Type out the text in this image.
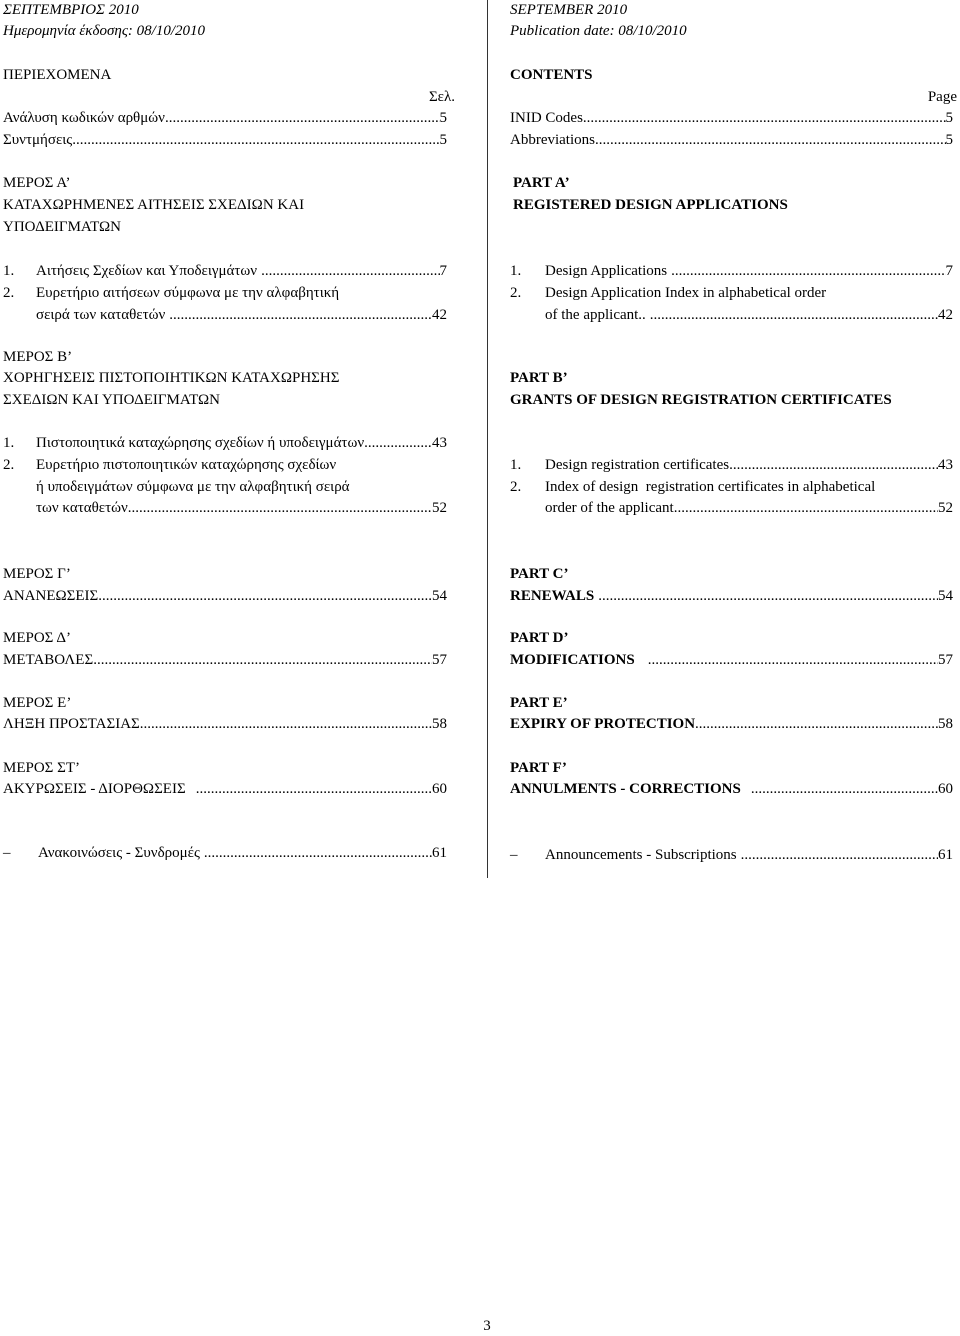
ΣΕΠΤΕΜΒΡΙΟΣ 2010
Ημερομηνία έκδοσης: 08/10/2010
ΠΕΡΙΕΧΟΜΕΝΑ
Σελ.
Ανάλυση κωδικών αρθμών .....	5
Συντμήσεις .....	5
ΜΕΡΟΣ Α’
ΚΑΤΑΧΩΡΗΜΕΝΕΣ ΑΙΤΗΣΕΙΣ ΣΧΕΔΙΩΝ ΚΑΙ
ΥΠΟΔΕΙΓΜΑΤΩΝ
1.	Αιτήσεις Σχεδίων και Υποδειγμάτων .....	7
2.	Ευρετήριο αιτήσεων σύμφωνα με την αλφαβητική
σειρά των καταθετών .....	42
ΜΕΡΟΣ Β’
ΧΟΡΗΓΗΣΕΙΣ ΠΙΣΤΟΠΟΙΗΤΙΚΩΝ ΚΑΤΑΧΩΡΗΣΗΣ
ΣΧΕΔΙΩΝ ΚΑΙ ΥΠΟΔΕΙΓΜΑΤΩΝ
1.	Πιστοποιητικά καταχώρησης σχεδίων ή υποδειγμάτων .....	43
2.	Ευρετήριο πιστοποιητικών καταχώρησης σχεδίων
ή υποδειγμάτων σύμφωνα με την αλφαβητική σειρά
των καταθετών .....	52
ΜΕΡΟΣ Γ’
ΑΝΑΝΕΩΣΕΙΣ .....	54
ΜΕΡΟΣ Δ’
ΜΕΤΑΒΟΛΕΣ .....	57
ΜΕΡΟΣ Ε’
ΛΗΞΗ ΠΡΟΣΤΑΣΙΑΣ .....	58
ΜΕΡΟΣ ΣΤ’
ΑΚΥΡΩΣΕΙΣ - ΔΙΟΡΘΩΣΕΙΣ .....	60
–	Ανακοινώσεις - Συνδρομές .....	61
SEPTEMBER 2010
Publication date: 08/10/2010
CONTENTS
Page
INID Codes .....	5
Abbreviations .....	5
PART A’
REGISTERED DESIGN APPLICATIONS
1.	Design Applications .....	7
2.	Design Application Index in alphabetical order
of the applicant.. .....	42
PART B’
GRANTS OF DESIGN REGISTRATION CERTIFICATES
1.	Design registration certificates .....	43
2.	Index of design  registration certificates in alphabetical
order of the applicant .....	52
PART C’
RENEWALS .....	54
PART D’
MODIFICATIONS .....	57
PART E’
EXPIRY OF PROTECTION .....	58
PART F’
ANNULMENTS - CORRECTIONS .....	60
–	Announcements - Subscriptions .....	61
3
